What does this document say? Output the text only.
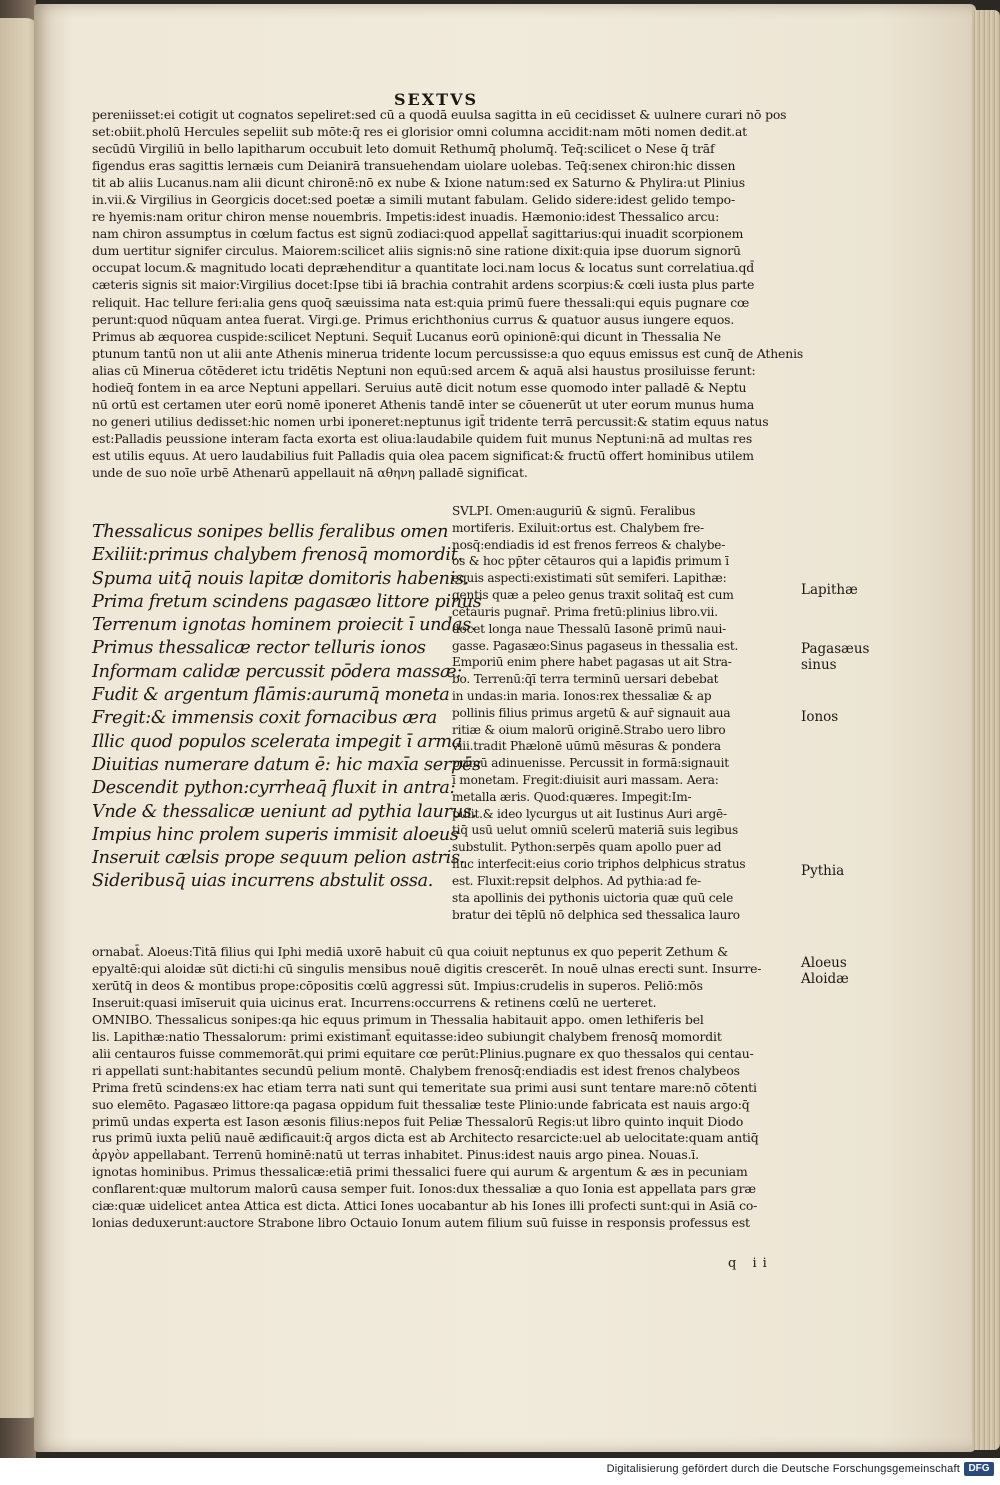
SEXTVS
pereniisset:ei cotigit ut cognatos sepeliret:sed cū a quodā euulsa sagitta in eū cecidisset & uulnere curari nō pos
set:obiit.pholū Hercules sepeliit sub mōte:q̄ res ei glorisior omni columna accidit:nam mōti nomen dedit.at
secūdū Virgiliū in bello lapitharum occubuit leto domuit Rethumq̄ pholumq̄. Teq̄:scilicet o Nese q̄ trāf
figendus eras sagittis lernæis cum Deianirā transuehendam uiolare uolebas. Teq̄:senex chiron:hic dissen
tit ab aliis Lucanus.nam alii dicunt chironē:nō ex nube & Ixione natum:sed ex Saturno & Phylira:ut Plinius
in.vii.& Virgilius in Georgicis docet:sed poetæ a simili mutant fabulam. Gelido sidere:idest gelido tempo-
re hyemis:nam oritur chiron mense nouembris. Impetis:idest inuadis. Hæmonio:idest Thessalico arcu:
nam chiron assumptus in cœlum factus est signū zodiaci:quod appellat̄ sagittarius:qui inuadit scorpionem
dum uertitur signifer circulus. Maiorem:scilicet aliis signis:nō sine ratione dixit:quia ipse duorum signorū
occupat locum.& magnitudo locati depræhenditur a quantitate loci.nam locus & locatus sunt correlatiua.qd̄
cæteris signis sit maior:Virgilius docet:Ipse tibi iā brachia contrahit ardens scorpius:& cœli iusta plus parte
reliquit. Hac tellure feri:alia gens quoq̄ sæuissima nata est:quia primū fuere thessali:qui equis pugnare cœ
perunt:quod nūquam antea fuerat. Virgi.ge. Primus erichthonius currus & quatuor ausus iungere equos.
Primus ab æquorea cuspide:scilicet Neptuni. Sequit̄ Lucanus eorū opinionē:qui dicunt in Thessalia Ne
ptunum tantū non ut alii ante Athenis minerua tridente locum percussisse:a quo equus emissus est cunq̄ de Athenis
alias cū Minerua cōtēderet ictu tridētis Neptuni non equū:sed arcem & aquā alsi haustus prosiluisse ferunt:
hodieq̄ fontem in ea arce Neptuni appellari. Seruius autē dicit notum esse quomodo inter palladē & Neptu
nū ortū est certamen uter eorū nomē iponeret Athenis tandē inter se cōuenerūt ut uter eorum munus huma
no generi utilius dedisset:hic nomen urbi iponeret:neptunus igit̄ tridente terrā percussit:& statim equus natus
est:Palladis peussione interam facta exorta est oliua:laudabile quidem fuit munus Neptuni:nā ad multas res
est utilis equus. At uero laudabilius fuit Palladis quia olea pacem significat:& fructū offert hominibus utilem
unde de suo noīe urbē Athenarū appellauit nā αθηνη palladē significat.
Thessalicus sonipes bellis feralibus omen
Exiliit:primus chalybem frenosq̄ momordit.
Spuma uitq̄ nouis lapitæ domitoris habenis.
Prima fretum scindens pagasæo littore pinus
Terrenum ignotas hominem proiecit ī undas.
Primus thessalicæ rector telluris ionos
Informam calidæ percussit pōdera massæ:
Fudit & argentum flāmis:aurumq̄ moneta
Fregit:& immensis coxit fornacibus æra
Illic quod populos scelerata impegit ī arma
Diuitias numerare datum ē: hic maxīa serpēs
Descendit python:cyrrheaq̄ fluxit in antra:
Vnde & thessalicæ ueniunt ad pythia laurus.
Impius hinc prolem superis immisit aloeus
Inseruit cælsis prope sequum pelion astris.
Sideribusq̄ uias incurrens abstulit ossa.
SVLPI. Omen:auguriū & signū. Feralibus
mortiferis. Exiluit:ortus est. Chalybem fre-
nosq̄:endiadis id est frenos ferreos & chalybe-
os & hoc pp̄ter cētauros qui a lapiđis primum ī
equis aspecti:existimati sūt semiferi. Lapithæ:
gentis quæ a peleo genus traxit solitaq̄ est cum
cētauris pugnar̄. Prima fretū:plinius libro.vii.
docet longa naue Thessalū Iasonē primū naui-
gasse. Pagasæo:Sinus pagaseus in thessalia est.
Emporiū enim phere habet pagasas ut ait Stra-
bo. Terrenū:q̄ī terra terminū uersari debebat
in undas:in maria. Ionos:rex thessaliæ & ap
pollinis filius primus argetū & aur̄ signauit aua
ritiæ & oium malorū originē.Strabo uero libro
viii.tradit Phælonē uūmū mēsuras & pondera
primū adinuenisse. Percussit in formā:signauit
ī monetam. Fregit:diuisit auri massam. Aera:
metalla æris. Quod:quæres. Impegit:Im-
pulit.& ideo lycurgus ut ait Iustinus Auri argē-
tiq̄ usū uelut omniū scelerū materiā suis legibus
substulit. Python:serpēs quam apollo puer ad
huc interfecit:eius corio triphos delphicus stratus
est. Fluxit:repsit delphos. Ad pythia:ad fe-
sta apollinis dei pythonis uictoria quæ quū cele
bratur dei tēplū nō delphica sed thessalica lauro
Lapithæ
Pagasæus
sinus
Ionos
Pythia
Aloeus
Aloidæ
ornabat̄. Aloeus:Titā filius qui Iphi mediā uxorē habuit cū qua coiuit neptunus ex quo peperit Zethum &
epyaltē:qui aloidæ sūt dicti:hi cū singulis mensibus nouē digitis crescerēt. In nouē ulnas erecti sunt. Insurre-
xerūtq̄ in deos & montibus prope:cōpositis cœlū aggressi sūt. Impius:crudelis in superos. Peliō:mōs
Inseruit:quasi imīseruit quia uicinus erat. Incurrens:occurrens & retinens cœlū ne uerteret.
OMNIBO. Thessalicus sonipes:qa hic equus primum in Thessalia habitauit appo. omen lethiferis bel
lis. Lapithæ:natio Thessalorum: primi existimant̄ equitasse:ideo subiungit chalybem frenosq̄ momordit
alii centauros fuisse commemorāt.qui primi equitare cœ perūt:Plinius.pugnare ex quo thessalos qui centau-
ri appellati sunt:habitantes secundū pelium montē. Chalybem frenosq̄:endiadis est idest frenos chalybeos
Prima fretū scindens:ex hac etiam terra nati sunt qui temeritate sua primi ausi sunt tentare mare:nō cōtenti
suo elemēto. Pagasæo littore:qa pagasa oppidum fuit thessaliæ teste Plinio:unde fabricata est nauis argo:q̄
primū undas experta est Iason æsonis filius:nepos fuit Peliæ Thessalorū Regis:ut libro quinto inquit Diodo
rus primū iuxta peliū nauē ædificauit:q̄ argos dicta est ab Architecto resarcicte:uel ab uelocitate:quam antiq̄
ἀργὸν appellabant. Terrenū hominē:natū ut terras inhabitet. Pinus:idest nauis argo pinea. Nouas.ī.
ignotas hominibus. Primus thessalicæ:etiā primi thessalici fuere qui aurum & argentum & æs in pecuniam
conflarent:quæ multorum malorū causa semper fuit. Ionos:dux thessaliæ a quo Ionia est appellata pars græ
ciæ:quæ uidelicet antea Attica est dicta. Attici Iones uocabantur ab his Iones illi profecti sunt:qui in Asiā co-
lonias deduxerunt:auctore Strabone libro Octauio Ionum autem filium suū fuisse in responsis professus est
q ii
Digitalisierung gefördert durch die Deutsche Forschungsgemeinschaft DFG
